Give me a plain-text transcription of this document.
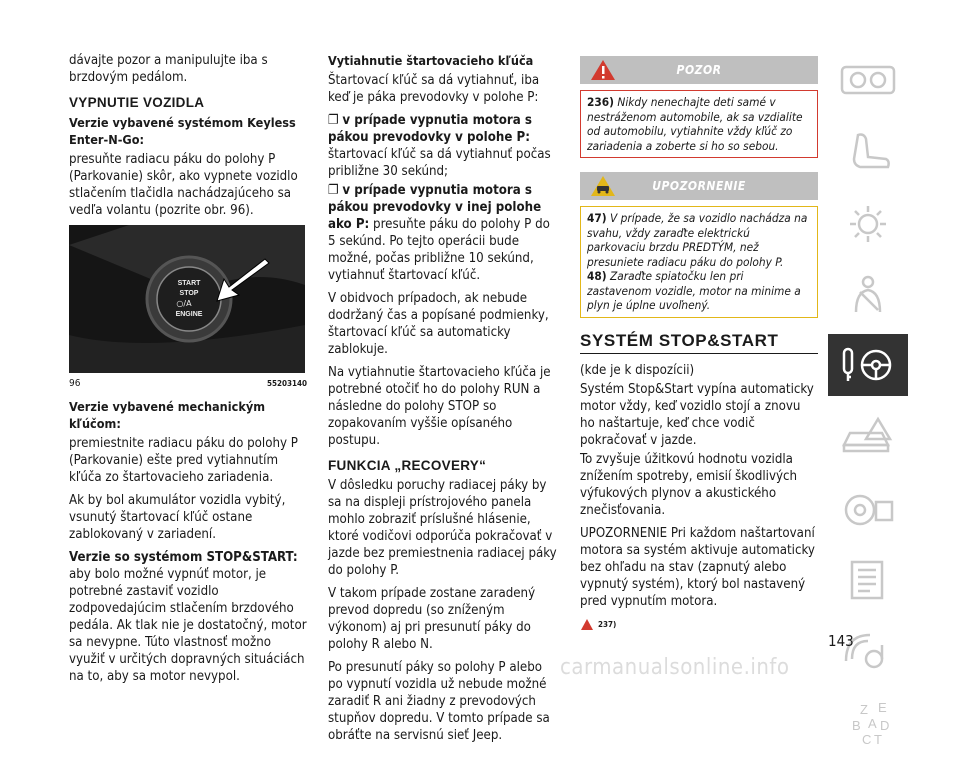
dávajte pozor a manipulujte iba s brzdovým pedálom.

VYPNUTIE VOZIDLA
Verzie vybavené systémom Keyless Enter-N-Go:

presuňte radiacu páku do polohy P (Parkovanie) skôr, ako vypnete vozidlo stlačením tlačidla nachádzajúceho sa vedľa volantu (pozrite obr. 96).

START
STOP
○/A
ENGINE
96	55203140
Verzie vybavené mechanickým kľúčom:

premiestnite radiacu páku do polohy P (Parkovanie) ešte pred vytiahnutím kľúča zo štartovacieho zariadenia.

Ak by bol akumulátor vozidla vybitý, vsunutý štartovací kľúč ostane zablokovaný v zariadení.

Verzie so systémom STOP&START: aby bolo možné vypnúť motor, je potrebné zastaviť vozidlo zodpovedajúcim stlačením brzdového pedála. Ak tlak nie je dostatočný, motor sa nevypne. Túto vlastnosť možno využiť v určitých dopravných situáciách na to, aby sa motor nevypol.

Vytiahnutie štartovacieho kľúča

Štartovací kľúč sa dá vytiahnuť, iba keď je páka prevodovky v polohe P:

❐ v prípade vypnutia motora s pákou prevodovky v polohe P: štartovací kľúč sa dá vytiahnuť počas približne 30 sekúnd;

❐ v prípade vypnutia motora s pákou prevodovky v inej polohe ako P: presuňte páku do polohy P do 5 sekúnd. Po tejto operácii bude možné, počas približne 10 sekúnd, vytiahnuť štartovací kľúč.

V obidvoch prípadoch, ak nebude dodržaný čas a popísané podmienky, štartovací kľúč sa automaticky zablokuje.

Na vytiahnutie štartovacieho kľúča je potrebné otočiť ho do polohy RUN a následne do polohy STOP so zopakovaním vyššie opísaného postupu.

FUNKCIA „RECOVERY“

V dôsledku poruchy radiacej páky by sa na displeji prístrojového panela mohlo zobraziť príslušné hlásenie, ktoré vodičovi odporúča pokračovať v jazde bez premiestnenia radiacej páky do polohy P.

V takom prípade zostane zaradený prevod dopredu (so zníženým výkonom) aj pri presunutí páky do polohy R alebo N.

Po presunutí páky so polohy P alebo po vypnutí vozidla už nebude možné zaradiť R ani žiadny z prevodových stupňov dopredu. V tomto prípade sa obráťte na servisnú sieť Jeep.

POZOR
236) Nikdy nenechajte deti samé v nestráženom automobile, ak sa vzdialite od automobilu, vytiahnite vždy kľúč zo zariadenia a zoberte si ho so sebou.
UPOZORNENIE
47) V prípade, že sa vozidlo nachádza na svahu, vždy zaraďte elektrickú parkovaciu brzdu PREDTÝM, než presuniete radiacu páku do polohy P.
48) Zaraďte spiatočku len pri zastavenom vozidle, motor na minime a plyn je úplne uvoľnený.
SYSTÉM STOP&START

(kde je k dispozícii)

Systém Stop&Start vypína automaticky motor vždy, keď vozidlo stojí a znovu ho naštartuje, keď chce vodič pokračovať v jazde.

To zvyšuje úžitkovú hodnotu vozidla znížením spotreby, emisií škodlivých výfukových plynov a akustického znečisťovania.

UPOZORNENIE Pri každom naštartovaní motora sa systém aktivuje automaticky bez ohľadu na stav (zapnutý alebo vypnutý systém), ktorý bol nastavený pred vypnutím motora.

237)
Z E
B D
C T
A
143
carmanualsonline.info
